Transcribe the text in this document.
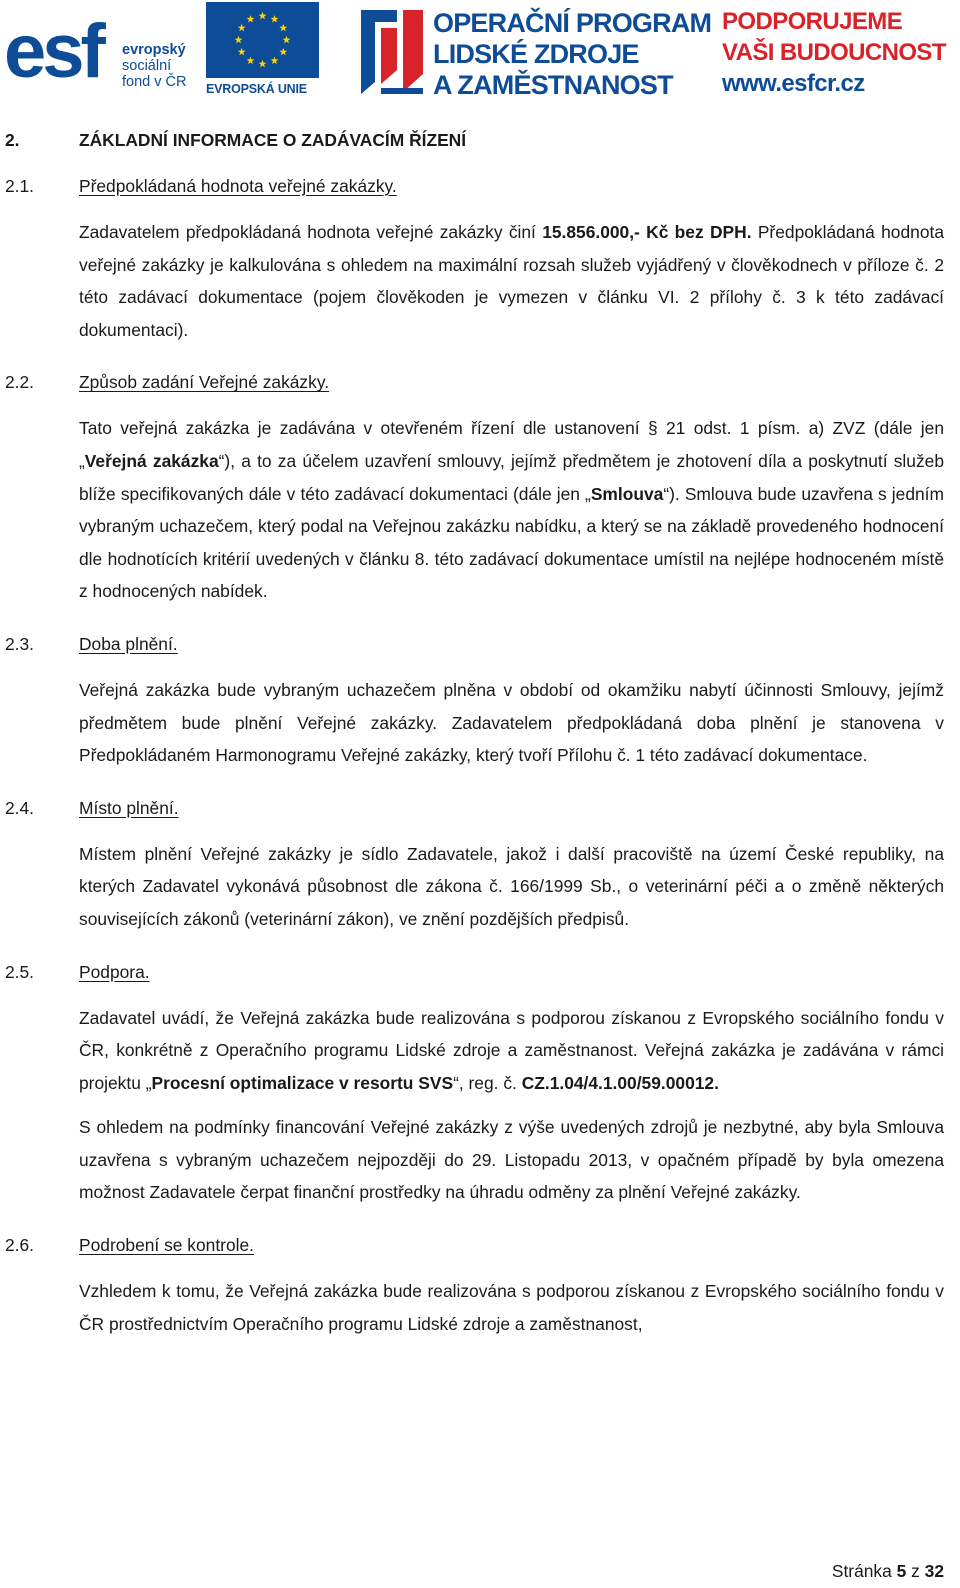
esf evropský
sociální
fond v ČR EVROPSKÁ UNIE
OPERAČNÍ PROGRAM
LIDSKÉ ZDROJE
A ZAMĚSTNANOST
PODPORUJEME
VAŠI BUDOUCNOST
www.esfcr.cz
2.	ZÁKLADNÍ INFORMACE O ZADÁVACÍM ŘÍZENÍ
2.1.	Předpokládaná hodnota veřejné zakázky.

Zadavatelem předpokládaná hodnota veřejné zakázky činí 15.856.000,- Kč bez DPH. Předpokládaná hodnota veřejné zakázky je kalkulována s ohledem na maximální rozsah služeb vyjádřený v člověkodnech v příloze č. 2 této zadávací dokumentace (pojem člověkoden je vymezen v článku VI. 2 přílohy č. 3 k této zadávací dokumentaci).

2.2.	Způsob zadání Veřejné zakázky.

Tato veřejná zakázka je zadávána v otevřeném řízení dle ustanovení § 21 odst. 1 písm. a) ZVZ (dále jen „Veřejná zakázka“), a to za účelem uzavření smlouvy, jejímž předmětem je zhotovení díla a poskytnutí služeb blíže specifikovaných dále v této zadávací dokumentaci (dále jen „Smlouva“). Smlouva bude uzavřena s jedním vybraným uchazečem, který podal na Veřejnou zakázku nabídku, a který se na základě provedeného hodnocení dle hodnotících kritérií uvedených v článku 8. této zadávací dokumentace umístil na nejlépe hodnoceném místě z hodnocených nabídek.

2.3.	Doba plnění.

Veřejná zakázka bude vybraným uchazečem plněna v období od okamžiku nabytí účinnosti Smlouvy, jejímž předmětem bude plnění Veřejné zakázky. Zadavatelem předpokládaná doba plnění je stanovena v Předpokládaném Harmonogramu Veřejné zakázky, který tvoří Přílohu č. 1 této zadávací dokumentace.

2.4.	Místo plnění.

Místem plnění Veřejné zakázky je sídlo Zadavatele, jakož i další pracoviště na území České republiky, na kterých Zadavatel vykonává působnost dle zákona č. 166/1999 Sb., o veterinární péči a o změně některých souvisejících zákonů (veterinární zákon), ve znění pozdějších předpisů.

2.5.	Podpora.

Zadavatel uvádí, že Veřejná zakázka bude realizována s podporou získanou z Evropského sociálního fondu v ČR, konkrétně z Operačního programu Lidské zdroje a zaměstnanost. Veřejná zakázka je zadávána v rámci projektu „Procesní optimalizace v resortu SVS“, reg. č. CZ.1.04/4.1.00/59.00012.

S ohledem na podmínky financování Veřejné zakázky z výše uvedených zdrojů je nezbytné, aby byla Smlouva uzavřena s vybraným uchazečem nejpozději do 29. Listopadu 2013, v opačném případě by byla omezena možnost Zadavatele čerpat finanční prostředky na úhradu odměny za plnění Veřejné zakázky.

2.6.	Podrobení se kontrole.

Vzhledem k tomu, že Veřejná zakázka bude realizována s podporou získanou z Evropského sociálního fondu v ČR prostřednictvím Operačního programu Lidské zdroje a zaměstnanost,

Stránka 5 z 32
